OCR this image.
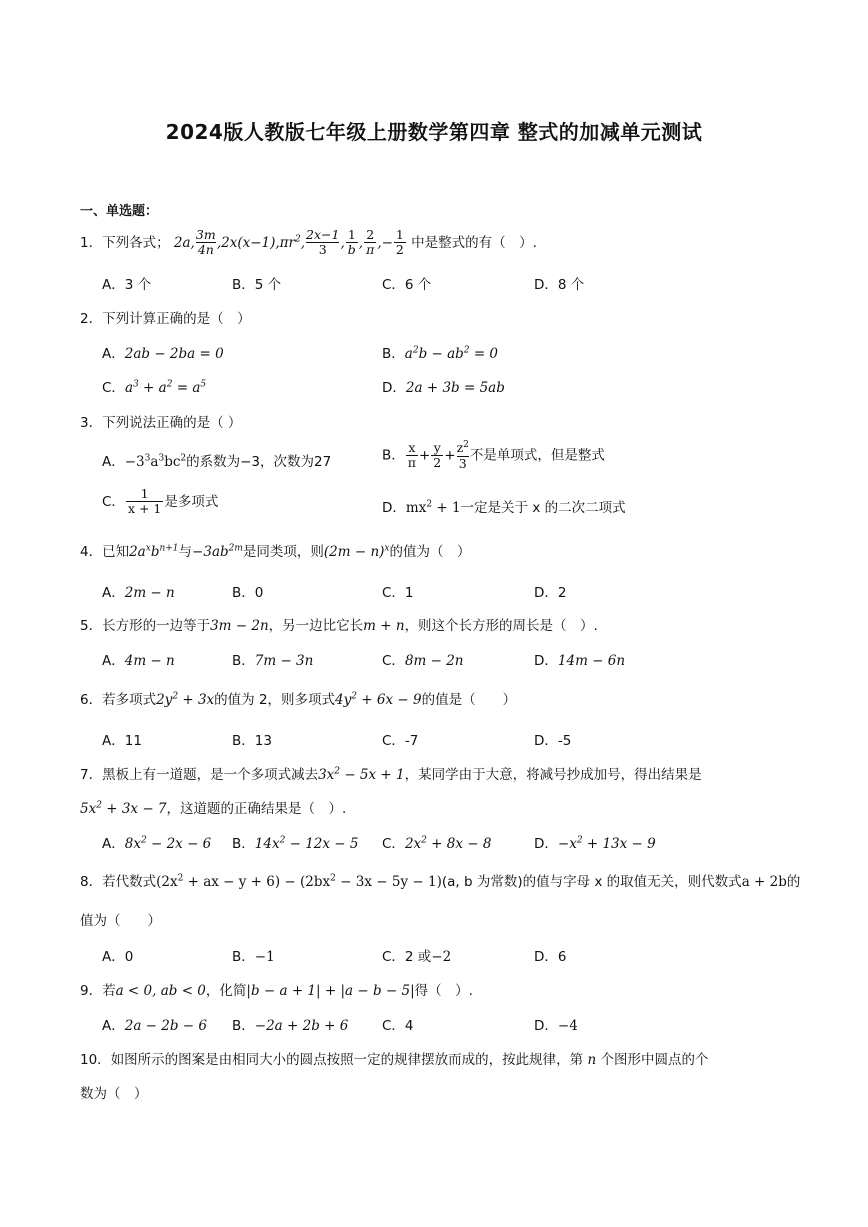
2024版人教版七年级上册数学第四章 整式的加减单元测试
一、单选题：
1．下列各式； 2a, $\frac{3m}{4n} ,2x(x-1),\pi r^2$, $\frac{2x-1}{3}$ , $\frac{1}{b}$ , $\frac{2}{\pi}$ ,− $\frac{1}{2}$ 中是整式的有（　）.
A．3 个	B．5 个	C．6 个	D．8 个
2．下列计算正确的是（　）
A．2ab − 2ba = 0	B．$a^2b - ab^2 = 0$
C．$a^3 + a^2 = a^5$	D．2a + 3b = 5ab
3．下列说法正确的是（ ）
A．$-3^3a^3bc^2$的系数为−3，次数为27	B． $\frac{x}{\pi} + \frac{y}{2} + \frac{z^2}{3}$ 不是单项式，但是整式
C． $\frac{1}{x + 1}$ 是多项式	D．$mx^2 + 1$一定是关于 x 的二次二项式
4．已知$2a^xb^{n+1}$与$-3ab^{2m}$是同类项，则$(2m - n)^x$的值为（　）
A．2m − n	B．0	C．1	D．2
5．长方形的一边等于3m − 2n，另一边比它长m + n，则这个长方形的周长是（　）.
A．4m − n	B．7m − 3n	C．8m − 2n	D．14m − 6n
6．若多项式$2y^2 + 3x$的值为 2，则多项式$4y^2 + 6x - 9$的值是（　　）
A．11	B．13	C．-7	D．-5
7．黑板上有一道题，是一个多项式减去$3x^2 - 5x + 1$，某同学由于大意，将减号抄成加号，得出结果是
$5x^2 + 3x - 7$，这道题的正确结果是（　）.
A．$8x^2 - 2x - 6$ B．$14x^2 - 12x - 5$ C．$2x^2 + 8x - 8$	D．$-x^2 + 13x - 9$
8．若代数式($2x^2$ + ax − $y + 6) - (2bx^2 - 3x - 5y - 1)(a$, b 为常数)的值与字母 x 的取值无关，则代数式a + 2b的
值为（　　）
A．0	B．−1	C．2 或−2	D．6
9．若a < 0, ab < 0，化简|b − a + 1| + |a − b − 5|得（　）.
A．2a − 2b − 6 B．−2a + 2b + 6 C．4	D．−4
10．如图所示的图案是由相同大小的圆点按照一定的规律摆放而成的，按此规律，第 n 个图形中圆点的个
数为（　）
